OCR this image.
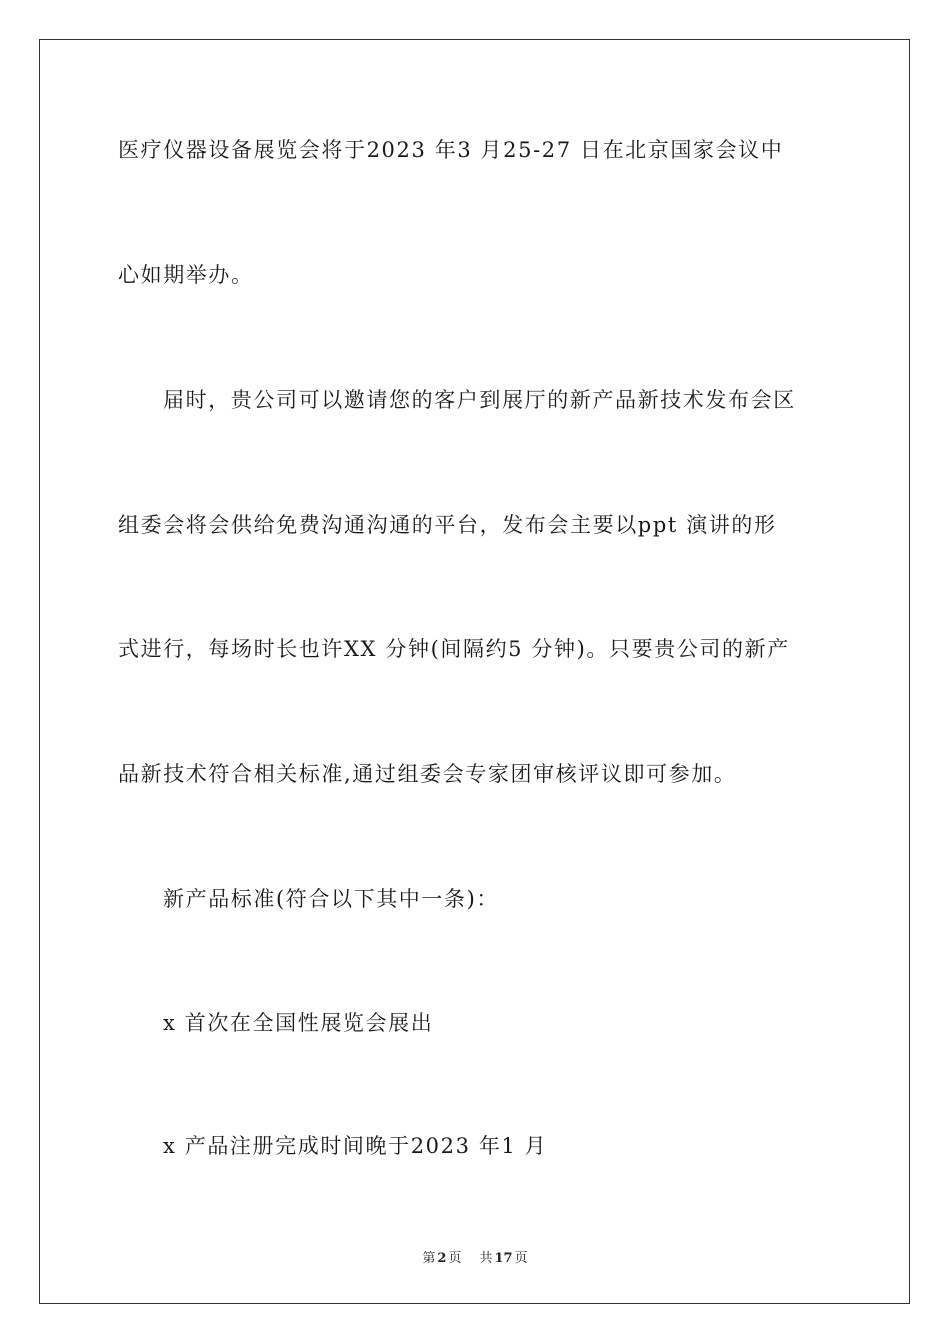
医疗仪器设备展览会将于2023 年3 月25-27 日在北京国家会议中
心如期举办。
届时，贵公司可以邀请您的客户到展厅的新产品新技术发布会区
组委会将会供给免费沟通沟通的平台，发布会主要以ppt 演讲的形
式进行，每场时长也许XX 分钟(间隔约5 分钟)。只要贵公司的新产
品新技术符合相关标准,通过组委会专家团审核评议即可参加。
新产品标准(符合以下其中一条)：
x 首次在全国性展览会展出
x 产品注册完成时间晚于2023 年1 月
第 2 页 共 17 页
